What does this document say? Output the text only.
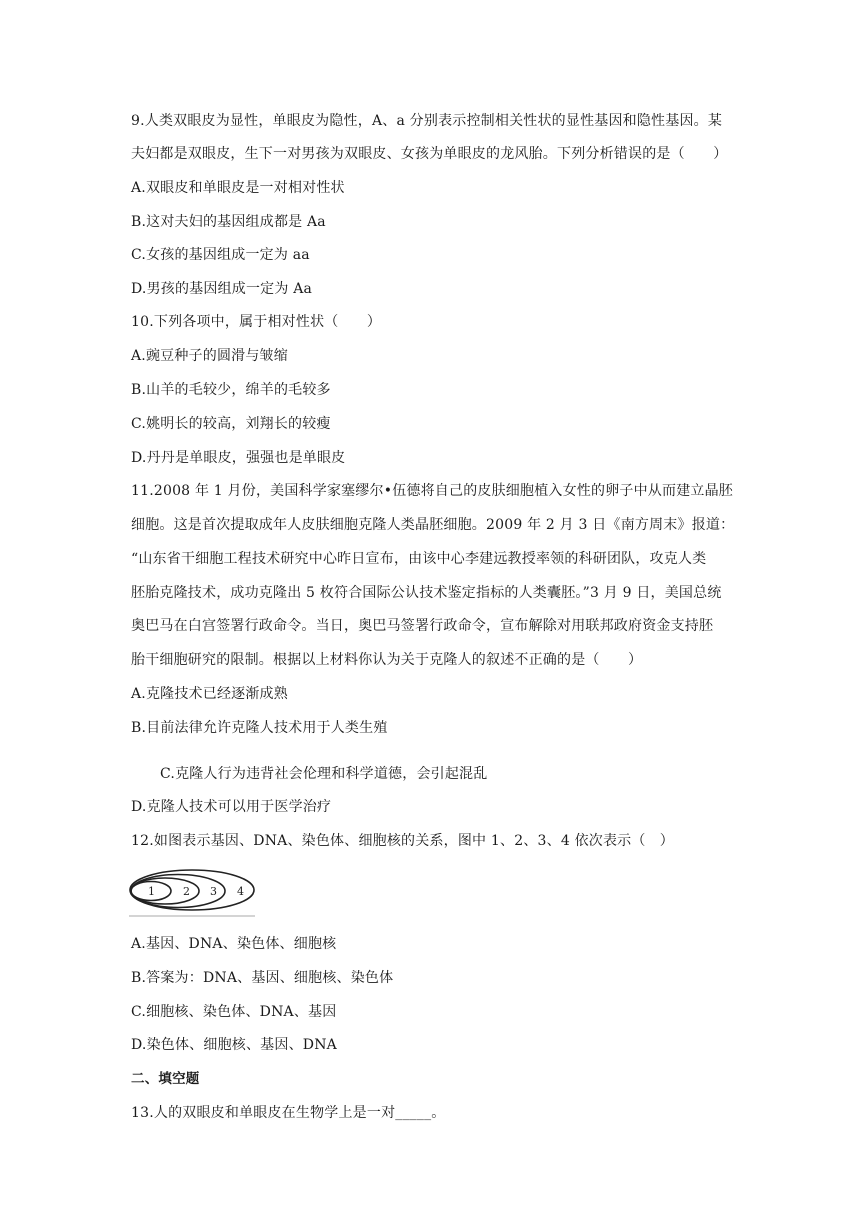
9.人类双眼皮为显性，单眼皮为隐性，A、a 分别表示控制相关性状的显性基因和隐性基因。某
夫妇都是双眼皮，生下一对男孩为双眼皮、女孩为单眼皮的龙风胎。下列分析错误的是（　　）
A.双眼皮和单眼皮是一对相对性状
B.这对夫妇的基因组成都是 Aa
C.女孩的基因组成一定为 aa
D.男孩的基因组成一定为 Aa
10.下列各项中，属于相对性状（　　）
A.豌豆种子的圆滑与皱缩
B.山羊的毛较少，绵羊的毛较多
C.姚明长的较高，刘翔长的较瘦
D.丹丹是单眼皮，强强也是单眼皮
11.2008 年 1 月份，美国科学家塞缪尔•伍德将自己的皮肤细胞植入女性的卵子中从而建立晶胚
细胞。这是首次提取成年人皮肤细胞克隆人类晶胚细胞。2009 年 2 月 3 日《南方周末》报道：
“山东省干细胞工程技术研究中心昨日宣布，由该中心李建远教授率领的科研团队，攻克人类
胚胎克隆技术，成功克隆出 5 枚符合国际公认技术鉴定指标的人类囊胚。”3 月 9 日，美国总统
奥巴马在白宫签署行政命令。当日，奥巴马签署行政命令，宣布解除对用联邦政府资金支持胚
胎干细胞研究的限制。根据以上材料你认为关于克隆人的叙述不正确的是（　　）
A.克隆技术已经逐渐成熟
B.目前法律允许克隆人技术用于人类生殖
C.克隆人行为违背社会伦理和科学道德，会引起混乱
D.克隆人技术可以用于医学治疗
12.如图表示基因、DNA、染色体、细胞核的关系，图中 1、2、3、4 依次表示（　）
1	2 3 4
A.基因、DNA、染色体、细胞核
B.答案为：DNA、基因、细胞核、染色体
C.细胞核、染色体、DNA、基因
D.染色体、细胞核、基因、DNA
二、填空题
13.人的双眼皮和单眼皮在生物学上是一对_____。
